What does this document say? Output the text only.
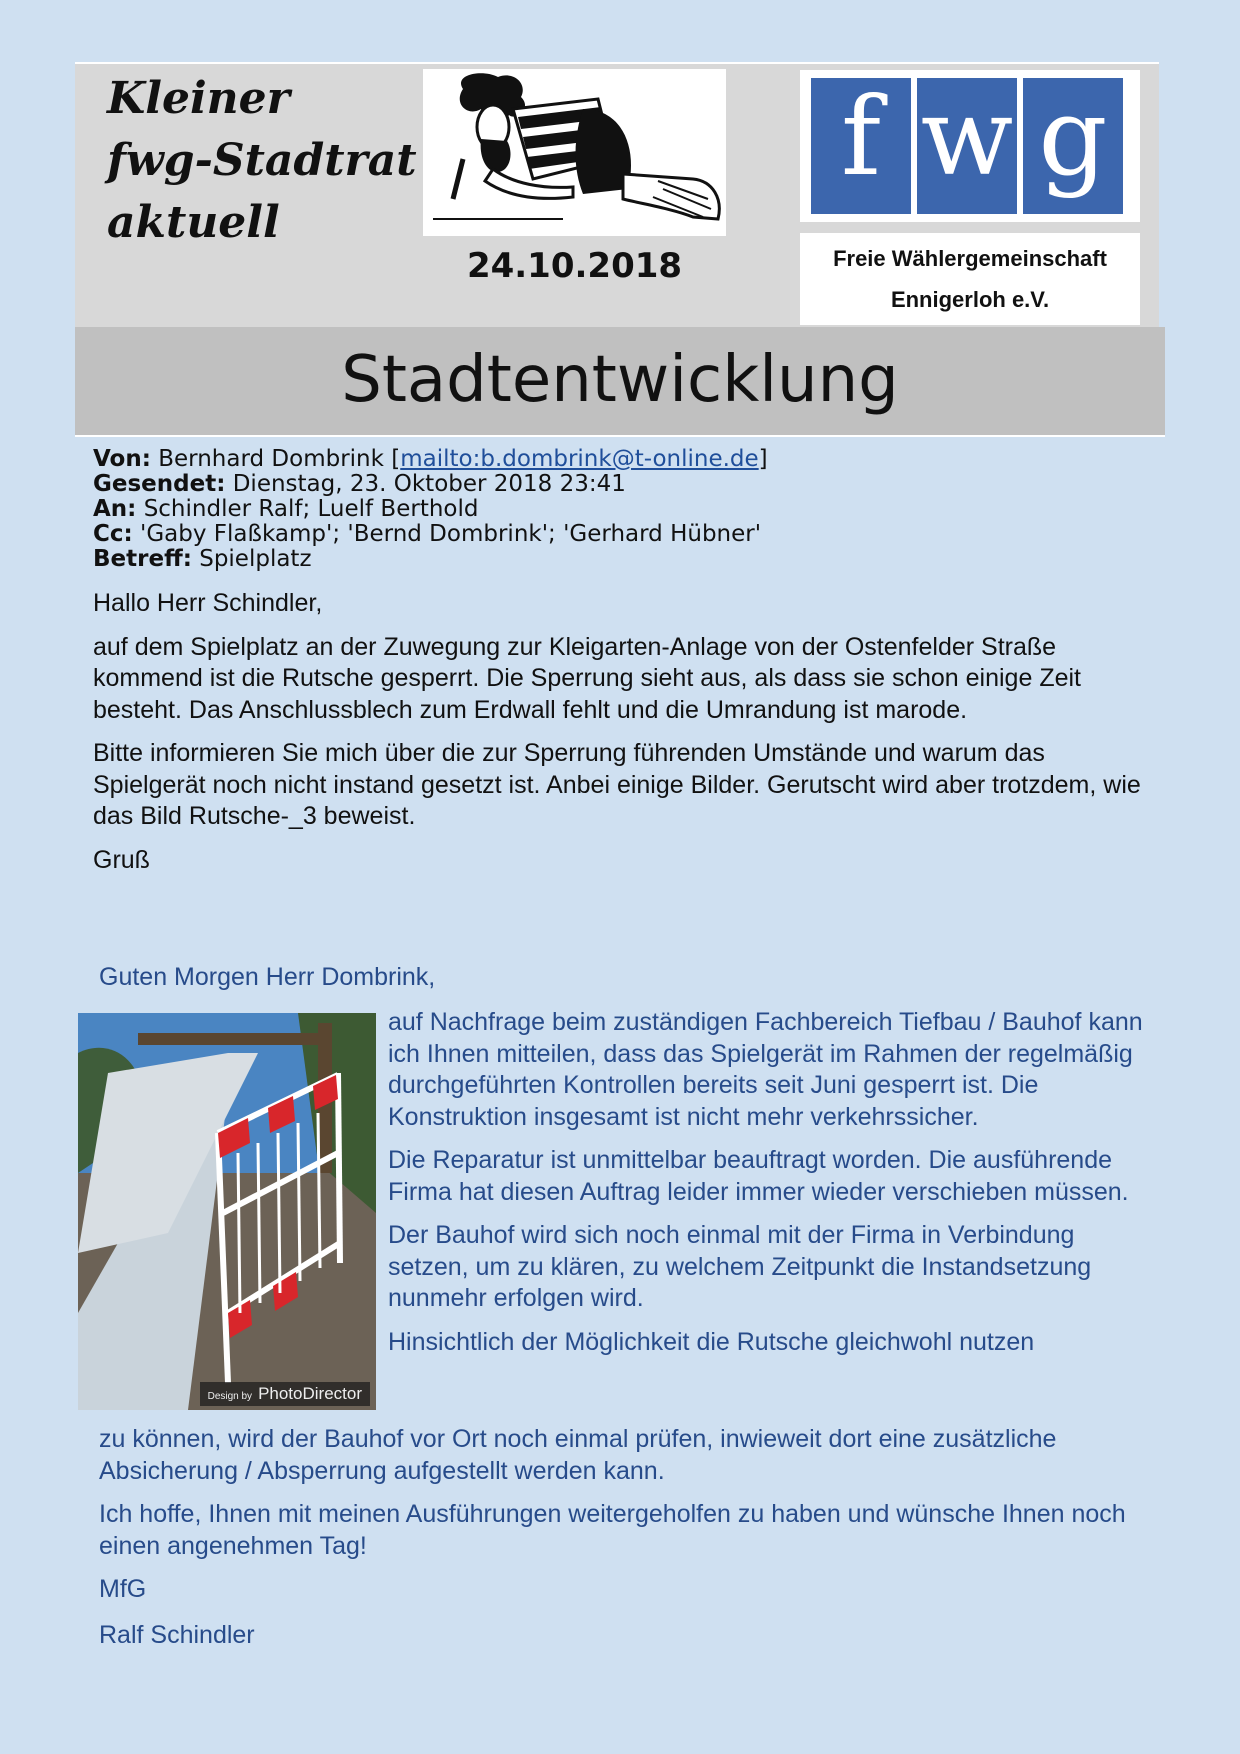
Kleiner
fwg-Stadtrat
aktuell
24.10.2018
f w g
Freie Wählergemeinschaft
Ennigerloh e.V.
Stadtentwicklung
Von: Bernhard Dombrink [mailto:b.dombrink@t-online.de]
Gesendet: Dienstag, 23. Oktober 2018 23:41
An: Schindler Ralf; Luelf Berthold
Cc: 'Gaby Flaßkamp'; 'Bernd Dombrink'; 'Gerhard Hübner'
Betreff: Spielplatz

Hallo Herr Schindler,

auf dem Spielplatz an der Zuwegung zur Kleigarten-Anlage von der Ostenfelder Straße kommend ist die Rutsche gesperrt. Die Sperrung sieht aus, als dass sie schon einige Zeit besteht. Das Anschlussblech zum Erdwall fehlt und die Umrandung ist marode.

Bitte informieren Sie mich über die zur Sperrung führenden Umstände und warum das Spielgerät noch nicht instand gesetzt ist. Anbei einige Bilder. Gerutscht wird aber trotzdem, wie das Bild Rutsche-_3 beweist.

Gruß

Guten Morgen Herr Dombrink,
Design by PhotoDirector

auf Nachfrage beim zuständigen Fachbereich Tiefbau / Bauhof kann ich Ihnen mitteilen, dass das Spielgerät im Rahmen der regelmäßig durchgeführten Kontrollen bereits seit Juni gesperrt ist. Die Konstruktion insgesamt ist nicht mehr verkehrssicher.

Die Reparatur ist unmittelbar beauftragt worden. Die ausführende Firma hat diesen Auftrag leider immer wieder verschieben müssen.

Der Bauhof wird sich noch einmal mit der Firma in Verbindung setzen, um zu klären, zu welchem Zeitpunkt die Instandsetzung nunmehr erfolgen wird.

Hinsichtlich der Möglichkeit die Rutsche gleichwohl nutzen

zu können, wird der Bauhof vor Ort noch einmal prüfen, inwieweit dort eine zusätzliche Absicherung / Absperrung aufgestellt werden kann.

Ich hoffe, Ihnen mit meinen Ausführungen weitergeholfen zu haben und wünsche Ihnen noch einen angenehmen Tag!

MfG

Ralf Schindler
